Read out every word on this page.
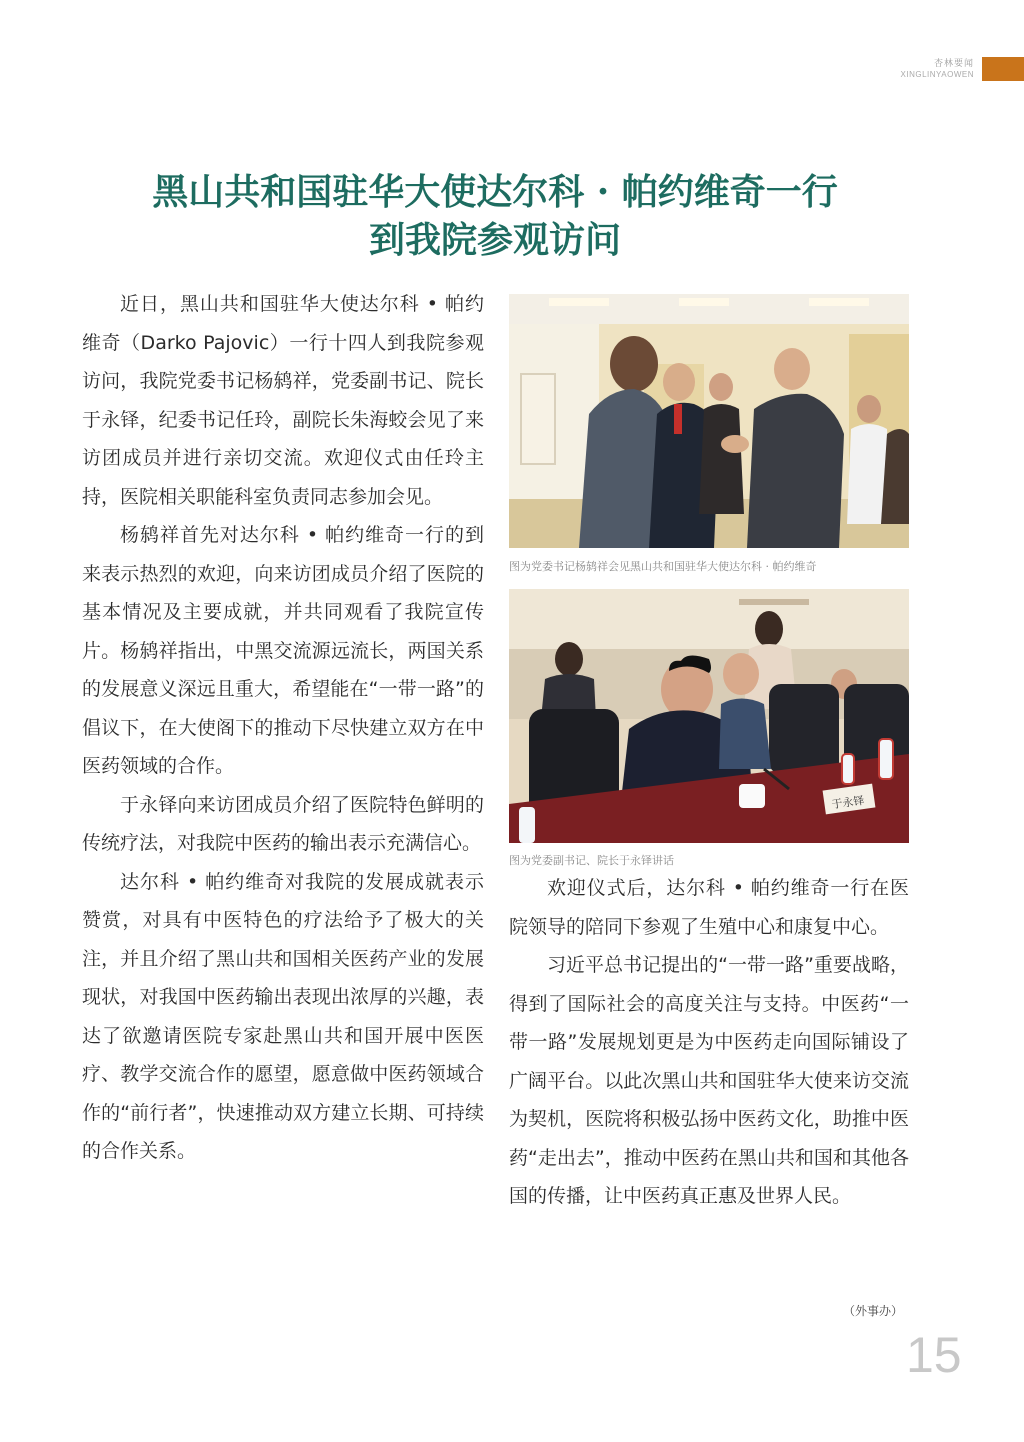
杏林要闻
XINGLINYAOWEN
黑山共和国驻华大使达尔科 · 帕约维奇一行
到我院参观访问

近日，黑山共和国驻华大使达尔科 • 帕约维奇（Darko Pajovic）一行十四人到我院参观访问，我院党委书记杨鸫祥，党委副书记、院长于永铎，纪委书记任玲，副院长朱海蛟会见了来访团成员并进行亲切交流。欢迎仪式由任玲主持，医院相关职能科室负责同志参加会见。

杨鸫祥首先对达尔科 • 帕约维奇一行的到来表示热烈的欢迎，向来访团成员介绍了医院的基本情况及主要成就，并共同观看了我院宣传片。杨鸫祥指出，中黑交流源远流长，两国关系的发展意义深远且重大，希望能在“一带一路”的倡议下，在大使阁下的推动下尽快建立双方在中医药领域的合作。

于永铎向来访团成员介绍了医院特色鲜明的传统疗法，对我院中医药的输出表示充满信心。

达尔科 • 帕约维奇对我院的发展成就表示赞赏，对具有中医特色的疗法给予了极大的关注，并且介绍了黑山共和国相关医药产业的发展现状，对我国中医药输出表现出浓厚的兴趣，表达了欲邀请医院专家赴黑山共和国开展中医医疗、教学交流合作的愿望，愿意做中医药领域合作的“前行者”，快速推动双方建立长期、可持续的合作关系。

图为党委书记杨鸫祥会见黑山共和国驻华大使达尔科 · 帕约维奇
于永铎
图为党委副书记、院长于永铎讲话

欢迎仪式后，达尔科 • 帕约维奇一行在医院领导的陪同下参观了生殖中心和康复中心。

习近平总书记提出的“一带一路”重要战略，得到了国际社会的高度关注与支持。中医药“一带一路”发展规划更是为中医药走向国际铺设了广阔平台。以此次黑山共和国驻华大使来访交流为契机，医院将积极弘扬中医药文化，助推中医药“走出去”，推动中医药在黑山共和国和其他各国的传播，让中医药真正惠及世界人民。

（外事办）
15
